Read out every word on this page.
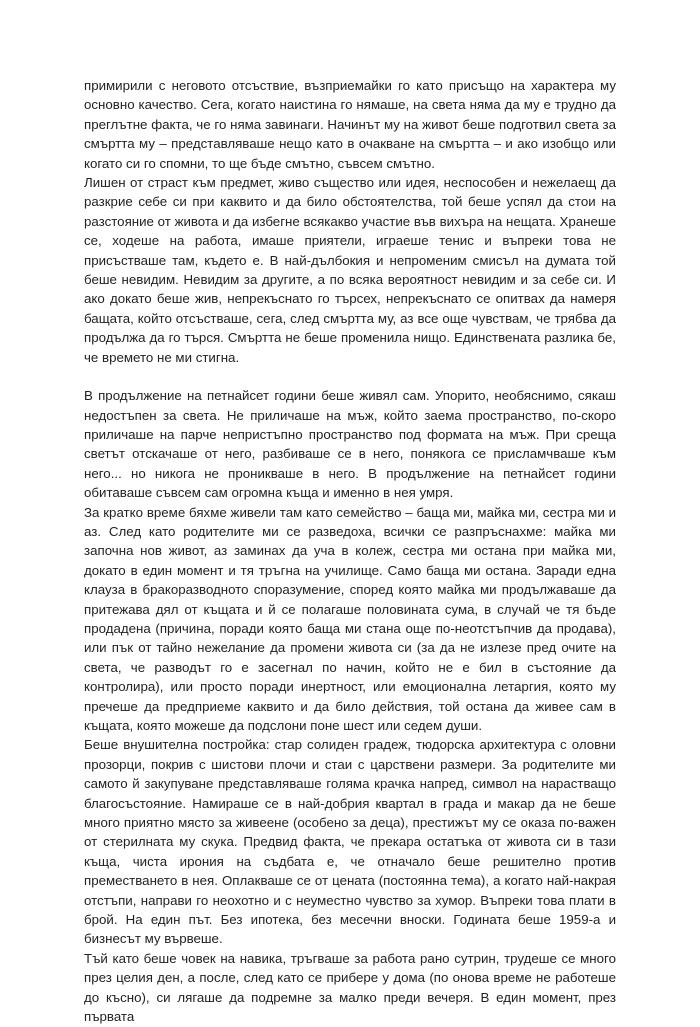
примирили с неговото отсъствие, възприемайки го като присъщо на характера му основно качество. Сега, когато наистина го нямаше, на света няма да му е трудно да преглътне факта, че го няма завинаги. Начинът му на живот беше подготвил света за смъртта му – представляваше нещо като в очакване на смъртта – и ако изобщо или когато си го спомни, то ще бъде смътно, съвсем смътно.

Лишен от страст към предмет, живо същество или идея, неспособен и нежелаещ да разкрие себе си при каквито и да било обстоятелства, той беше успял да стои на разстояние от живота и да избегне всякакво участие във вихъра на нещата. Хранеше се, ходеше на работа, имаше приятели, играеше тенис и въпреки това не присъстваше там, където е. В най-дълбокия и непроменим смисъл на думата той беше невидим. Невидим за другите, а по всяка вероятност невидим и за себе си. И ако докато беше жив, непрекъснато го търсех, непрекъснато се опитвах да намеря бащата, който отсъстваше, сега, след смъртта му, аз все още чувствам, че трябва да продължа да го търся. Смъртта не беше променила нищо. Единствената разлика бе, че времето не ми стигна.

В продължение на петнайсет години беше живял сам. Упорито, необяснимо, сякаш недостъпен за света. Не приличаше на мъж, който заема пространство, по-скоро приличаше на парче непристъпно пространство под формата на мъж. При среща светът отскачаше от него, разбиваше се в него, понякога се присламчваше към него... но никога не проникваше в него. В продължение на петнайсет години обитаваше съвсем сам огромна къща и именно в нея умря.

За кратко време бяхме живели там като семейство – баща ми, майка ми, сестра ми и аз. След като родителите ми се разведоха, всички се разпръснахме: майка ми започна нов живот, аз заминах да уча в колеж, сестра ми остана при майка ми, докато в един момент и тя тръгна на училище. Само баща ми остана. Заради една клауза в бракоразводното споразумение, според която майка ми продължаваше да притежава дял от къщата и й се полагаше половината сума, в случай че тя бъде продадена (причина, поради която баща ми стана още по-неотстъпчив да продава), или пък от тайно нежелание да промени живота си (за да не излезе пред очите на света, че разводът го е засегнал по начин, който не е бил в състояние да контролира), или просто поради инертност, или емоционална летаргия, която му пречеше да предприеме каквито и да било действия, той остана да живее сам в къщата, която можеше да подслони поне шест или седем души.

Беше внушителна постройка: стар солиден градеж, тюдорска архитектура с оловни прозорци, покрив с шистови плочи и стаи с царствени размери. За родителите ми самото й закупуване представляваше голяма крачка напред, символ на нарастващо благосъстояние. Намираше се в най-добрия квартал в града и макар да не беше много приятно място за живеене (особено за деца), престижът му се оказа по-важен от стерилната му скука. Предвид факта, че прекара остатъка от живота си в тази къща, чиста ирония на съдбата е, че отначало беше решително против преместването в нея. Оплакваше се от цената (постоянна тема), а когато най-накрая отстъпи, направи го неохотно и с неуместно чувство за хумор. Въпреки това плати в брой. На един път. Без ипотека, без месечни вноски. Годината беше 1959-а и бизнесът му вървеше.

Тъй като беше човек на навика, тръгваше за работа рано сутрин, трудеше се много през целия ден, а после, след като се прибере у дома (по онова време не работеше до късно), си лягаше да подремне за малко преди вечеря. В един момент, през първата
